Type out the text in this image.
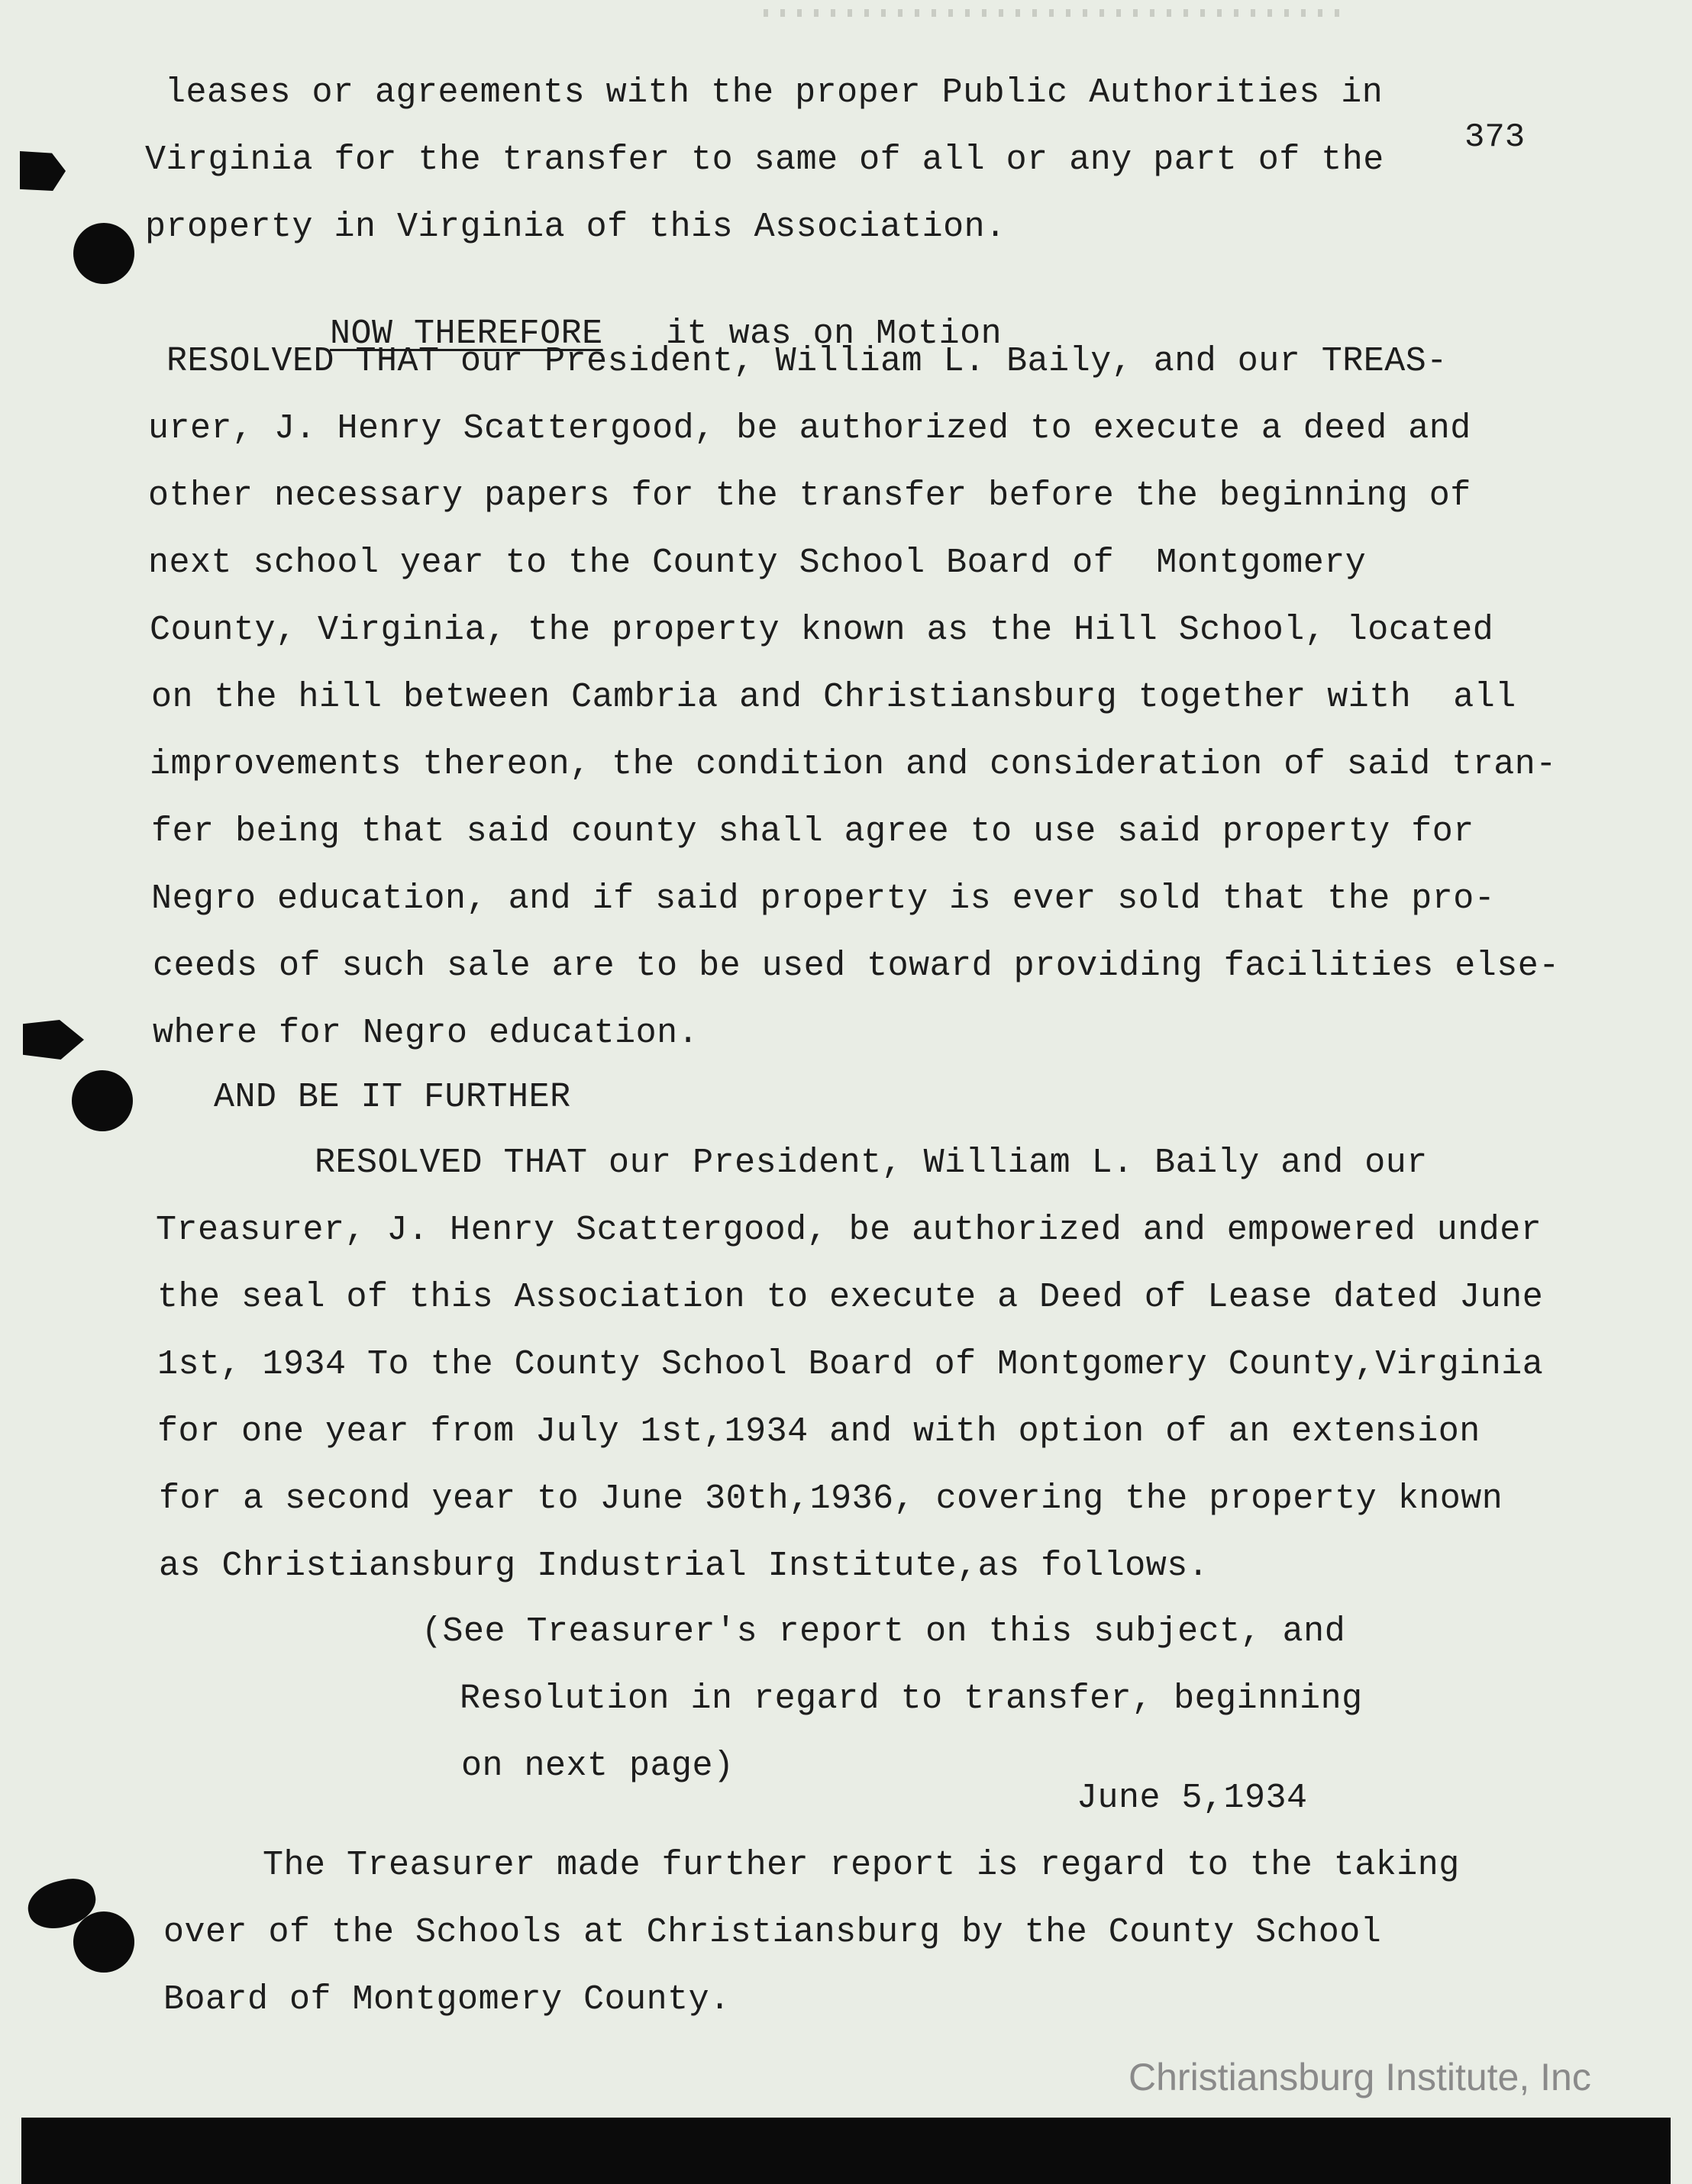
373
leases or agreements with the proper Public Authorities in
Virginia for the transfer to same of all or any part of the
property in Virginia of this Association.

NOW THEREFORE it was on Motion

RESOLVED THAT our President, William L. Baily, and our TREAS-
urer, J. Henry Scattergood, be authorized to execute a deed and
other necessary papers for the transfer before the beginning of
next school year to the County School Board of  Montgomery
County, Virginia, the property known as the Hill School, located
on the hill between Cambria and Christiansburg together with  all
improvements thereon, the condition and consideration of said tran-
fer being that said county shall agree to use said property for
Negro education, and if said property is ever sold that the pro-
ceeds of such sale are to be used toward providing facilities else-
where for Negro education.
AND BE IT FURTHER
RESOLVED THAT our President, William L. Baily and our
Treasurer, J. Henry Scattergood, be authorized and empowered under
the seal of this Association to execute a Deed of Lease dated June
1st, 1934 To the County School Board of Montgomery County,Virginia
for one year from July 1st,1934 and with option of an extension
for a second year to June 30th,1936, covering the property known
as Christiansburg Industrial Institute,as follows.
(See Treasurer's report on this subject, and
Resolution in regard to transfer, beginning
on next page)
June 5,1934
The Treasurer made further report is regard to the taking
over of the Schools at Christiansburg by the County School
Board of Montgomery County.
Christiansburg Institute, Inc
